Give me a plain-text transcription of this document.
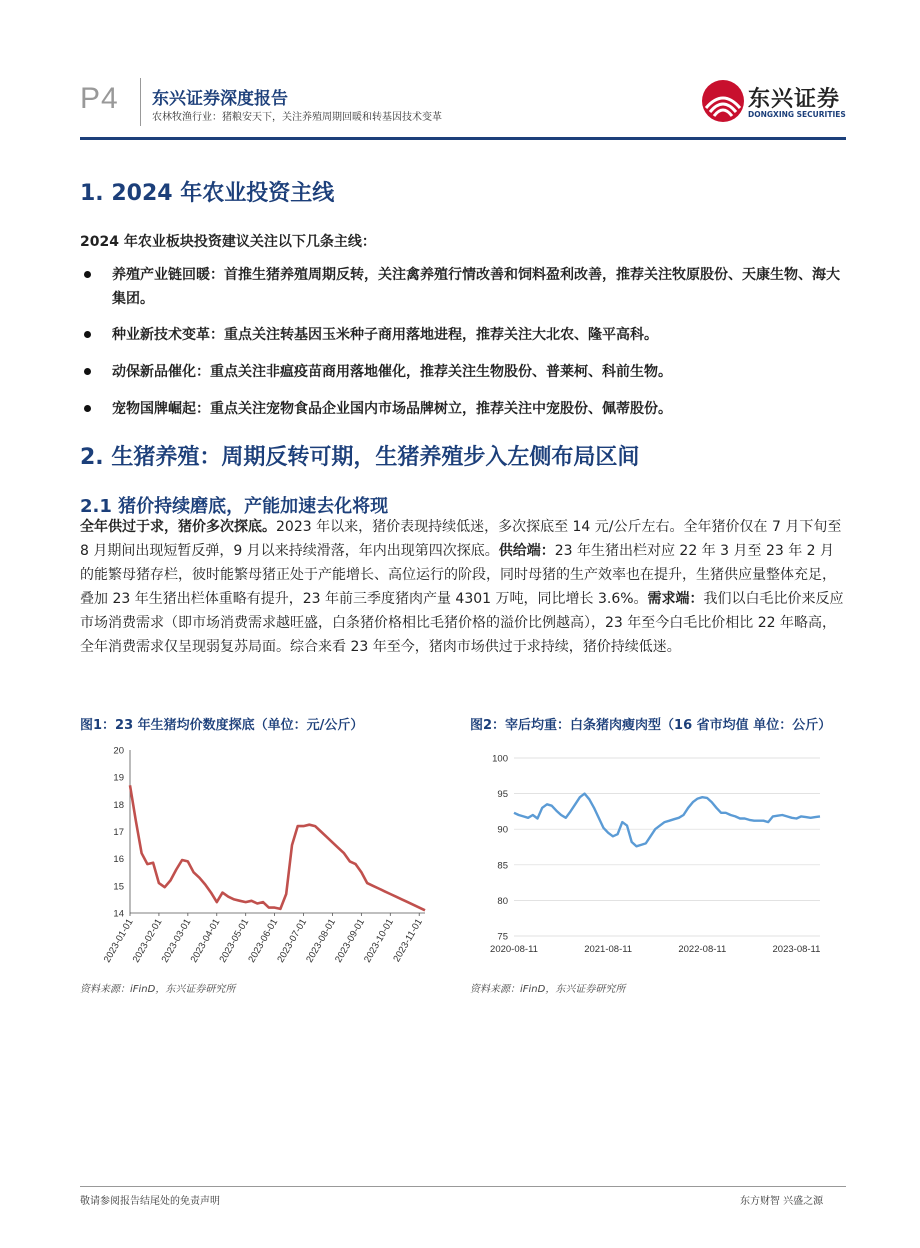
P4 东兴证券深度报告
农林牧渔行业：猪粮安天下，关注养殖周期回暖和转基因技术变革
东兴证券
DONGXING SECURITIES
1. 2024 年农业投资主线
2024 年农业板块投资建议关注以下几条主线：
养殖产业链回暖：首推生猪养殖周期反转，关注禽养殖行情改善和饲料盈利改善，推荐关注牧原股份、天康生物、海大集团。
种业新技术变革：重点关注转基因玉米种子商用落地进程，推荐关注大北农、隆平高科。
动保新品催化：重点关注非瘟疫苗商用落地催化，推荐关注生物股份、普莱柯、科前生物。
宠物国牌崛起：重点关注宠物食品企业国内市场品牌树立，推荐关注中宠股份、佩蒂股份。
2. 生猪养殖：周期反转可期，生猪养殖步入左侧布局区间
2.1 猪价持续磨底，产能加速去化将现
全年供过于求，猪价多次探底。2023 年以来，猪价表现持续低迷，多次探底至 14 元/公斤左右。全年猪价仅在 7 月下旬至 8 月期间出现短暂反弹，9 月以来持续滑落，年内出现第四次探底。供给端：23 年生猪出栏对应 22 年 3 月至 23 年 2 月的能繁母猪存栏，彼时能繁母猪正处于产能增长、高位运行的阶段，同时母猪的生产效率也在提升，生猪供应量整体充足，叠加 23 年生猪出栏体重略有提升，23 年前三季度猪肉产量 4301 万吨，同比增长 3.6%。需求端：我们以白毛比价来反应市场消费需求（即市场消费需求越旺盛，白条猪价格相比毛猪价格的溢价比例越高），23 年至今白毛比价相比 22 年略高，全年消费需求仅呈现弱复苏局面。综合来看 23 年至今，猪肉市场供过于求持续，猪价持续低迷。
图1：23 年生猪均价数度探底（单位：元/公斤）	图2：宰后均重：白条猪肉瘦肉型（16 省市均值 单位：公斤）
14
15
16
17
18
19
20
2023-01-01
2023-02-01
2023-03-01
2023-04-01
2023-05-01
2023-06-01
2023-07-01
2023-08-01
2023-09-01
2023-10-01
2023-11-01	75
80
85
90
95
100
2020-08-11	2021-08-11	2022-08-11	2023-08-11
资料来源：iFinD，东兴证券研究所	资料来源：iFinD，东兴证券研究所
敬请参阅报告结尾处的免责声明	东方财智 兴盛之源
